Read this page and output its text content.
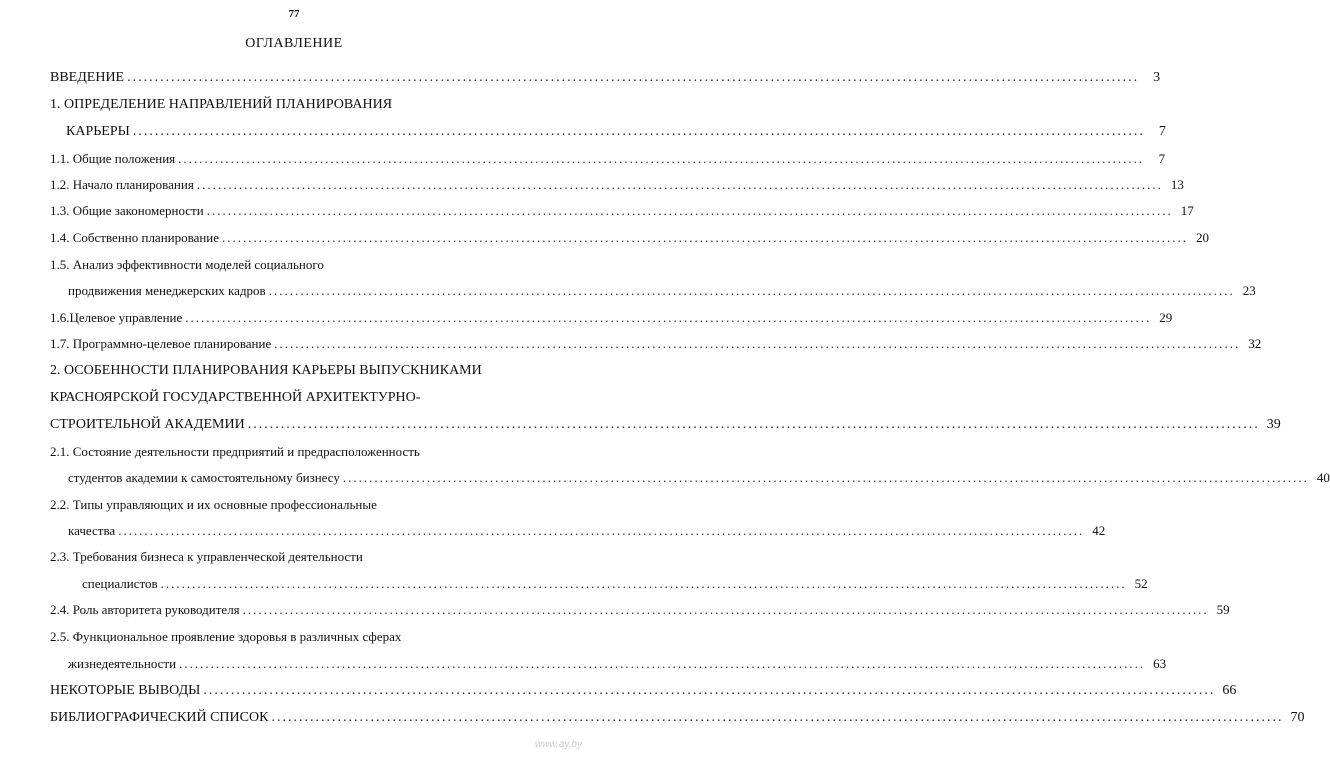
77
ОГЛАВЛЕНИЕ
ВВЕДЕНИЕ ........................................................................................................................................................................................	3
1. ОПРЕДЕЛЕНИЕ НАПРАВЛЕНИЙ ПЛАНИРОВАНИЯ
КАРЬЕРЫ ........................................................................................................................................................................................	7
1.1. Общие положения ........................................................................................................................................................................................	7
1.2. Начало планирования ........................................................................................................................................................................................ 13
1.3. Общие закономерности ........................................................................................................................................................................................ 17
1.4. Собственно планирование ........................................................................................................................................................................................ 20
1.5. Анализ эффективности моделей социального
продвижения менеджерских кадров ........................................................................................................................................................................................ 23
1.6.Целевое управление ........................................................................................................................................................................................ 29
1.7. Программно-целевое планирование ........................................................................................................................................................................................ 32
2. ОСОБЕННОСТИ ПЛАНИРОВАНИЯ КАРЬЕРЫ ВЫПУСКНИКАМИ
КРАСНОЯРСКОЙ ГОСУДАРСТВЕННОЙ АРХИТЕКТУРНО-
СТРОИТЕЛЬНОЙ АКАДЕМИИ ........................................................................................................................................................................................ 39
2.1. Состояние деятельности предприятий и предрасположенность
студентов академии к самостоятельному бизнесу ........................................................................................................................................................................................ 40
2.2. Типы управляющих и их основные профессиональные
качества ........................................................................................................................................................................................ 42
2.3. Требования бизнеса к управленческой деятельности
специалистов ........................................................................................................................................................................................ 52
2.4. Роль авторитета руководителя ........................................................................................................................................................................................ 59
2.5. Функциональное проявление здоровья в различных сферах
жизнедеятельности ........................................................................................................................................................................................ 63
НЕКОТОРЫЕ ВЫВОДЫ ........................................................................................................................................................................................ 66
БИБЛИОГРАФИЧЕСКИЙ СПИСОК ........................................................................................................................................................................................ 70
www.ay.by
